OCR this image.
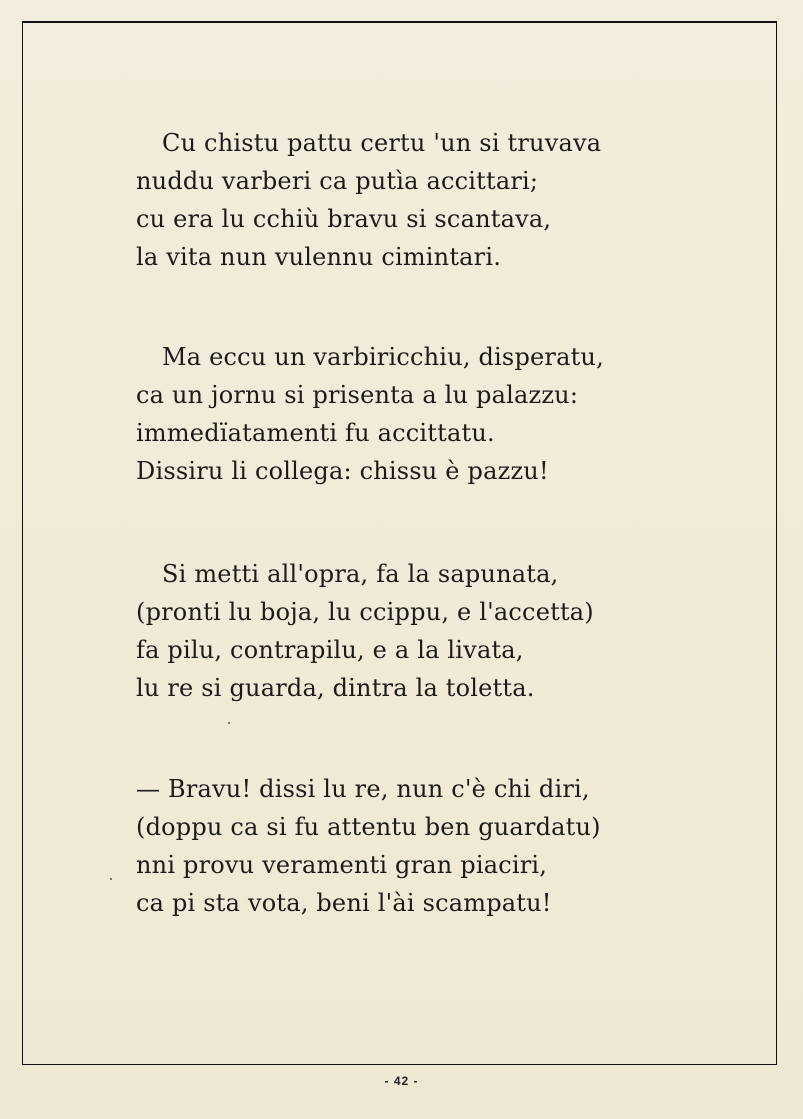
Cu chistu pattu certu 'un si truvava
nuddu varberi ca putìa accittari;
cu era lu cchiù bravu si scantava,
la vita nun vulennu cimintari.
Ma eccu un varbiricchiu, disperatu,
ca un jornu si prisenta a lu palazzu:
immedïatamenti fu accittatu.
Dissiru li collega: chissu è pazzu!
Si metti all'opra, fa la sapunata,
(pronti lu boja, lu ccippu, e l'accetta)
fa pilu, contrapilu, e a la livata,
lu re si guarda, dintra la toletta.
— Bravu! dissi lu re, nun c'è chi diri,
(doppu ca si fu attentu ben guardatu)
nni provu veramenti gran piaciri,
ca pi sta vota, beni l'ài scampatu!
- 42 -
